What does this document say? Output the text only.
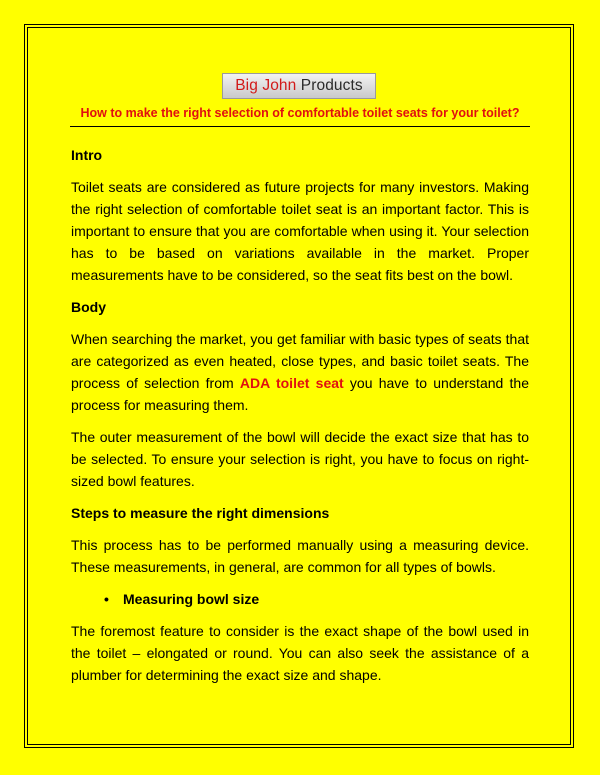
Big John
Products
How to make the right selection of comfortable toilet seats for your toilet?
Intro

Toilet seats are considered as future projects for many investors. Making the right selection of comfortable toilet seat is an important factor. This is important to ensure that you are comfortable when using it. Your selection has to be based on variations available in the market. Proper measurements have to be considered, so the seat fits best on the bowl.

Body

When searching the market, you get familiar with basic types of seats that are categorized as even heated, close types, and basic toilet seats. The process of selection from ADA toilet seat you have to understand the process for measuring them.

The outer measurement of the bowl will decide the exact size that has to be selected. To ensure your selection is right, you have to focus on right-sized bowl features.

Steps to measure the right dimensions

This process has to be performed manually using a measuring device. These measurements, in general, are common for all types of bowls.

• Measuring bowl size

The foremost feature to consider is the exact shape of the bowl used in the toilet – elongated or round. You can also seek the assistance of a plumber for determining the exact size and shape.
